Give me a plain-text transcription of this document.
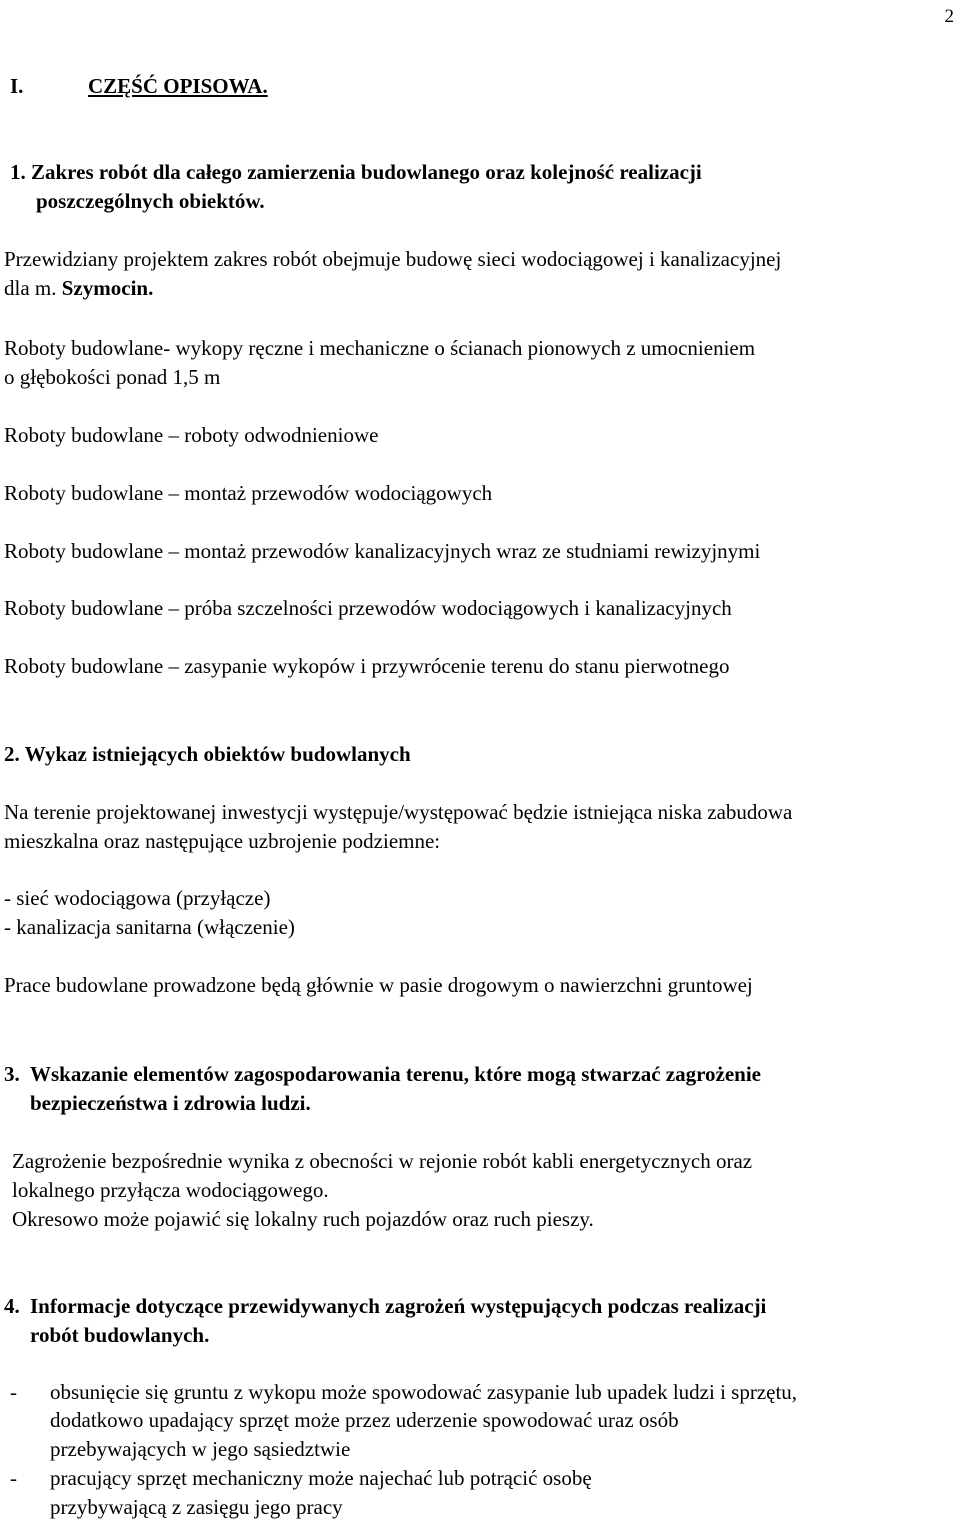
2
I.	CZĘŚĆ OPISOWA.
1. Zakres robót dla całego zamierzenia budowlanego oraz kolejność realizacji
poszczególnych obiektów.
Przewidziany projektem zakres robót obejmuje budowę sieci wodociągowej i kanalizacyjnej
dla m. Szymocin.
Roboty budowlane- wykopy ręczne i mechaniczne o ścianach pionowych z umocnieniem
o głębokości ponad 1,5 m
Roboty budowlane – roboty odwodnieniowe
Roboty budowlane – montaż przewodów wodociągowych
Roboty budowlane – montaż przewodów kanalizacyjnych wraz ze studniami rewizyjnymi
Roboty budowlane – próba szczelności przewodów wodociągowych i kanalizacyjnych
Roboty budowlane – zasypanie wykopów i przywrócenie terenu do stanu pierwotnego
2. Wykaz istniejących obiektów budowlanych
Na terenie projektowanej inwestycji występuje/występować będzie istniejąca niska zabudowa
mieszkalna oraz następujące uzbrojenie podziemne:
- sieć wodociągowa (przyłącze)
- kanalizacja sanitarna (włączenie)
Prace budowlane prowadzone będą głównie w pasie drogowym o nawierzchni gruntowej
3. Wskazanie elementów zagospodarowania terenu, które mogą stwarzać zagrożenie
bezpieczeństwa i zdrowia ludzi.
Zagrożenie bezpośrednie wynika z obecności w rejonie robót kabli energetycznych oraz
lokalnego przyłącza wodociągowego.
Okresowo może pojawić się lokalny ruch pojazdów oraz ruch pieszy.
4. Informacje dotyczące przewidywanych zagrożeń występujących podczas realizacji
robót budowlanych.
- obsunięcie się gruntu z wykopu może spowodować zasypanie lub upadek ludzi i sprzętu,
dodatkowo upadający sprzęt może przez uderzenie spowodować uraz osób
przebywających w jego sąsiedztwie
- pracujący sprzęt mechaniczny może najechać lub potrącić osobę
przybywającą z zasięgu jego pracy
